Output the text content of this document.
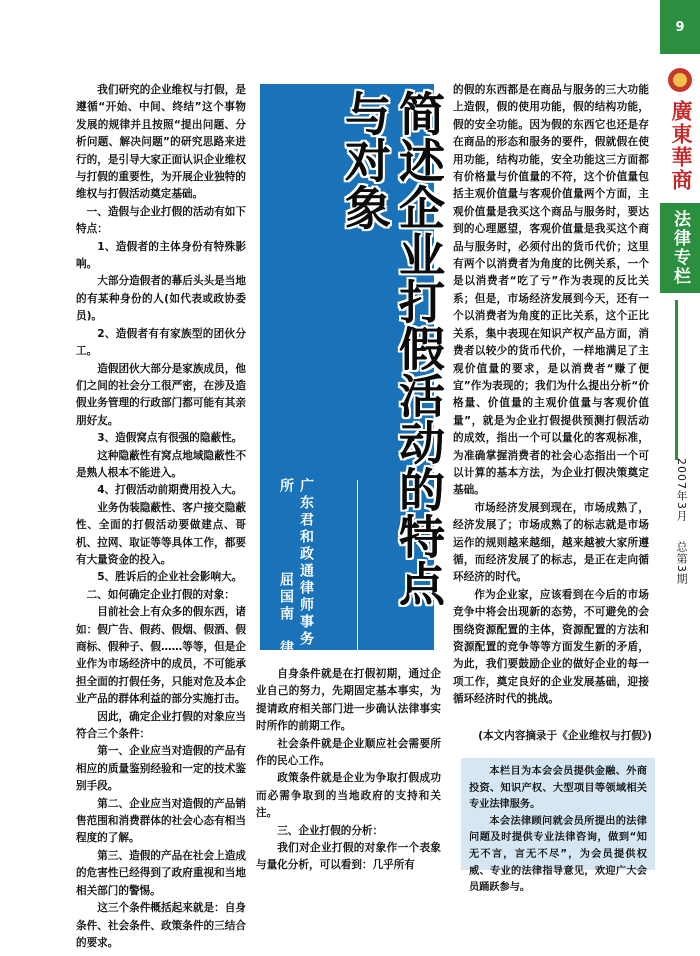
我们研究的企业维权与打假，是遵循“开始、中间、终结”这个事物发展的规律并且按照“提出问题、分析问题、解决问题”的研究思路来进行的，是引导大家正面认识企业维权与打假的重要性，为开展企业独特的维权与打假活动奠定基础。

一、造假与企业打假的活动有如下特点：

1、造假者的主体身份有特殊影响。

大部分造假者的幕后头头是当地的有某种身份的人(如代表或政协委员)。

2、造假者有有家族型的团伙分工。

造假团伙大部分是家族成员，他们之间的社会分工很严密，在涉及造假业务管理的行政部门都可能有其亲朋好友。

3、造假窝点有很强的隐蔽性。

这种隐蔽性有窝点地域隐蔽性不是熟人根本不能进入。

4、打假活动前期费用投入大。

业务伪装隐蔽性、客户接交隐蔽性、全面的打假活动要做建点、哥机、拉网、取证等等具体工作，都要有大量资金的投入。

5、胜诉后的企业社会影响大。

二、如何确定企业打假的对象：

目前社会上有众多的假东西，诸如：假广告、假药、假烟、假酒、假商标、假种子、假……等等，但是企业作为市场经济中的成员，不可能承担全面的打假任务，只能对危及本企业产品的群体利益的部分实施打击。

因此，确定企业打假的对象应当符合三个条件：

第一、企业应当对造假的产品有相应的质量鉴别经验和一定的技术鉴别手段。

第二、企业应当对造假的产品销售范围和消费群体的社会心态有相当程度的了解。

第三、造假的产品在社会上造成的危害性已经得到了政府重视和当地相关部门的警惕。

这三个条件概括起来就是：自身条件、社会条件、政策条件的三结合的要求。

简述企业打假活动的特点与对象
广东君和政通律师事务所
屈国南　律师

自身条件就是在打假初期，通过企业自己的努力，先期固定基本事实，为提请政府相关部门进一步确认法律事实时所作的前期工作。

社会条件就是企业顺应社会需要所作的民心工作。

政策条件就是企业为争取打假成功而必需争取到的当地政府的支持和关注。

三、企业打假的分析：

我们对企业打假的对象作一个表象与量化分析，可以看到：几乎所有

的假的东西都是在商品与服务的三大功能上造假，假的使用功能，假的结构功能，假的安全功能。因为假的东西它也还是存在商品的形态和服务的要件，假就假在使用功能，结构功能，安全功能这三方面都有价格量与价值量的不符，这个价值量包括主观价值量与客观价值量两个方面，主观价值量是我买这个商品与服务时，要达到的心理愿望，客观价值量是我买这个商品与服务时，必须付出的货币代价；这里有两个以消费者为角度的比例关系，一个是以消费者“吃了亏”作为表现的反比关系；但是，市场经济发展到今天，还有一个以消费者为角度的正比关系，这个正比关系，集中表现在知识产权产品方面，消费者以较少的货币代价，一样地满足了主观价值量的要求，是以消费者“赚了便宜”作为表现的；我们为什么提出分析“价格量、价值量的主观价值量与客观价值量”，就是为企业打假提供预测打假活动的成效，指出一个可以量化的客观标准，为准确掌握消费者的社会心态指出一个可以计算的基本方法，为企业打假决策奠定基础。

市场经济发展到现在，市场成熟了，经济发展了；市场成熟了的标志就是市场运作的规则越来越细，越来越被大家所遵循，而经济发展了的标志，是正在走向循环经济的时代。

作为企业家，应该看到在今后的市场竞争中将会出现新的态势，不可避免的会围绕资源配置的主体，资源配置的方法和资源配置的竞争等等方面发生新的矛盾，为此，我们要鼓励企业的做好企业的每一项工作，奠定良好的企业发展基础，迎接循环经济时代的挑战。

(本文内容摘录于《企业维权与打假》)

本栏目为本会会员提供金融、外商投资、知识产权、大型项目等领域相关专业法律服务。

本会法律顾问就会员所提出的法律问题及时提供专业法律咨询，做到“知无不言，言无不尽”，为会员提供权威、专业的法律指导意见，欢迎广大会员踊跃参与。

9
廣東華商
法律专栏
2007年3月 总第3期
